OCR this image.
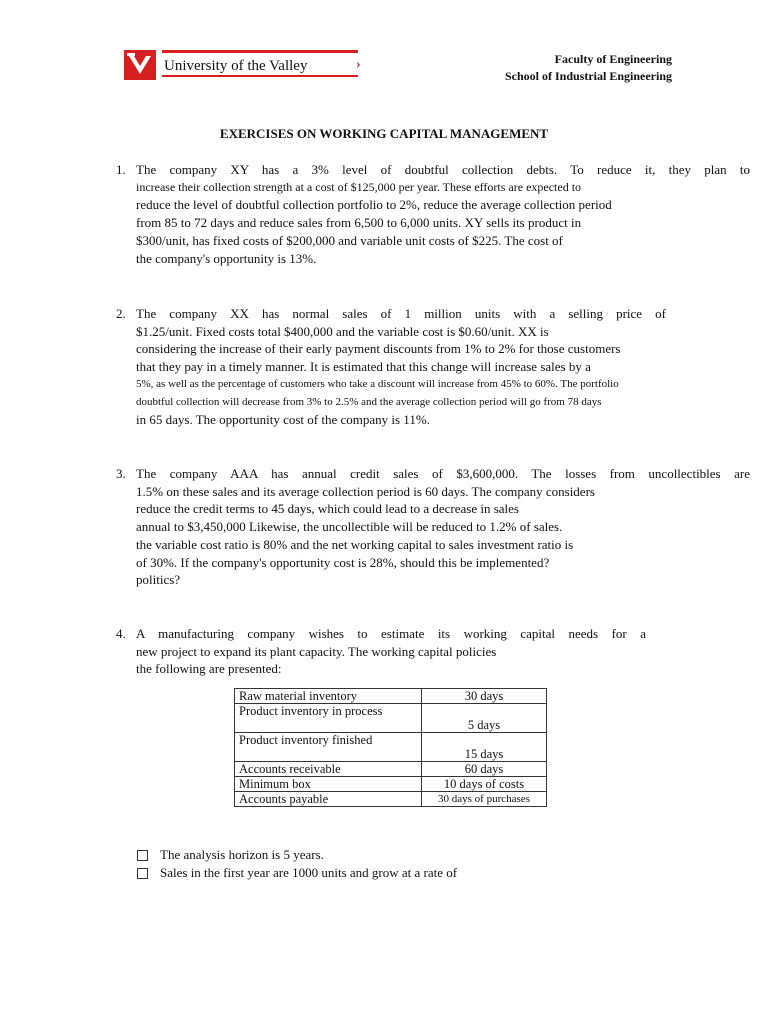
University of the Valley	›	Faculty of Engineering
School of Industrial Engineering
EXERCISES ON WORKING CAPITAL MANAGEMENT
1. The company XY has a 3% level of doubtful collection debts. To reduce it, they plan to
increase their collection strength at a cost of $125,000 per year. These efforts are expected to
reduce the level of doubtful collection portfolio to 2%, reduce the average collection period
from 85 to 72 days and reduce sales from 6,500 to 6,000 units. XY sells its product in
$300/unit, has fixed costs of $200,000 and variable unit costs of $225. The cost of
the company's opportunity is 13%.
2. The company XX has normal sales of 1 million units with a selling price of
$1.25/unit. Fixed costs total $400,000 and the variable cost is $0.60/unit. XX is
considering the increase of their early payment discounts from 1% to 2% for those customers
that they pay in a timely manner. It is estimated that this change will increase sales by a
5%, as well as the percentage of customers who take a discount will increase from 45% to 60%. The portfolio
doubtful collection will decrease from 3% to 2.5% and the average collection period will go from 78 days
in 65 days. The opportunity cost of the company is 11%.
3. The company AAA has annual credit sales of $3,600,000. The losses from uncollectibles are
1.5% on these sales and its average collection period is 60 days. The company considers
reduce the credit terms to 45 days, which could lead to a decrease in sales
annual to $3,450,000 Likewise, the uncollectible will be reduced to 1.2% of sales.
the variable cost ratio is 80% and the net working capital to sales investment ratio is
of 30%. If the company's opportunity cost is 28%, should this be implemented?
politics?
4. A manufacturing company wishes to estimate its working capital needs for a
new project to expand its plant capacity. The working capital policies
the following are presented:
Raw material inventory	30 days
Product inventory in process	5 days
Product inventory finished	15 days
Accounts receivable	60 days
Minimum box	10 days of costs
Accounts payable	30 days of purchases
The analysis horizon is 5 years.
Sales in the first year are 1000 units and grow at a rate of
